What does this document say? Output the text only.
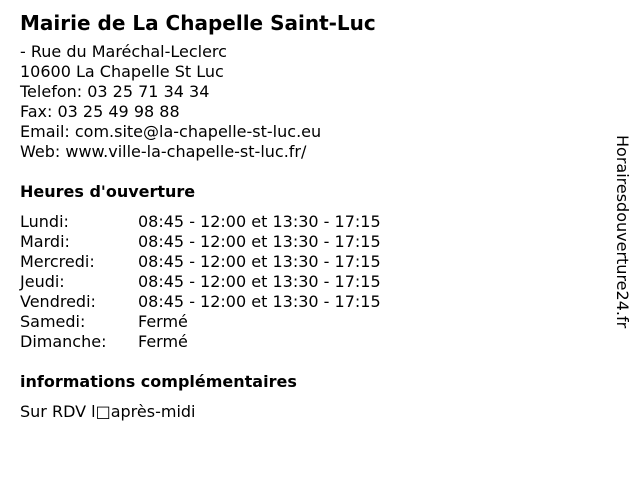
Mairie de La Chapelle Saint-Luc
- Rue du Maréchal-Leclerc
10600 La Chapelle St Luc
Telefon: 03 25 71 34 34
Fax: 03 25 49 98 88
Email: com.site@la-chapelle-st-luc.eu
Web: www.ville-la-chapelle-st-luc.fr/
Heures d'ouverture
Lundi:	08:45 - 12:00 et 13:30 - 17:15
Mardi:	08:45 - 12:00 et 13:30 - 17:15
Mercredi:	08:45 - 12:00 et 13:30 - 17:15
Jeudi:	08:45 - 12:00 et 13:30 - 17:15
Vendredi:	08:45 - 12:00 et 13:30 - 17:15
Samedi:	Fermé
Dimanche:	Fermé
informations complémentaires
Sur RDV l□après-midi
Horairesdouverture24.fr
